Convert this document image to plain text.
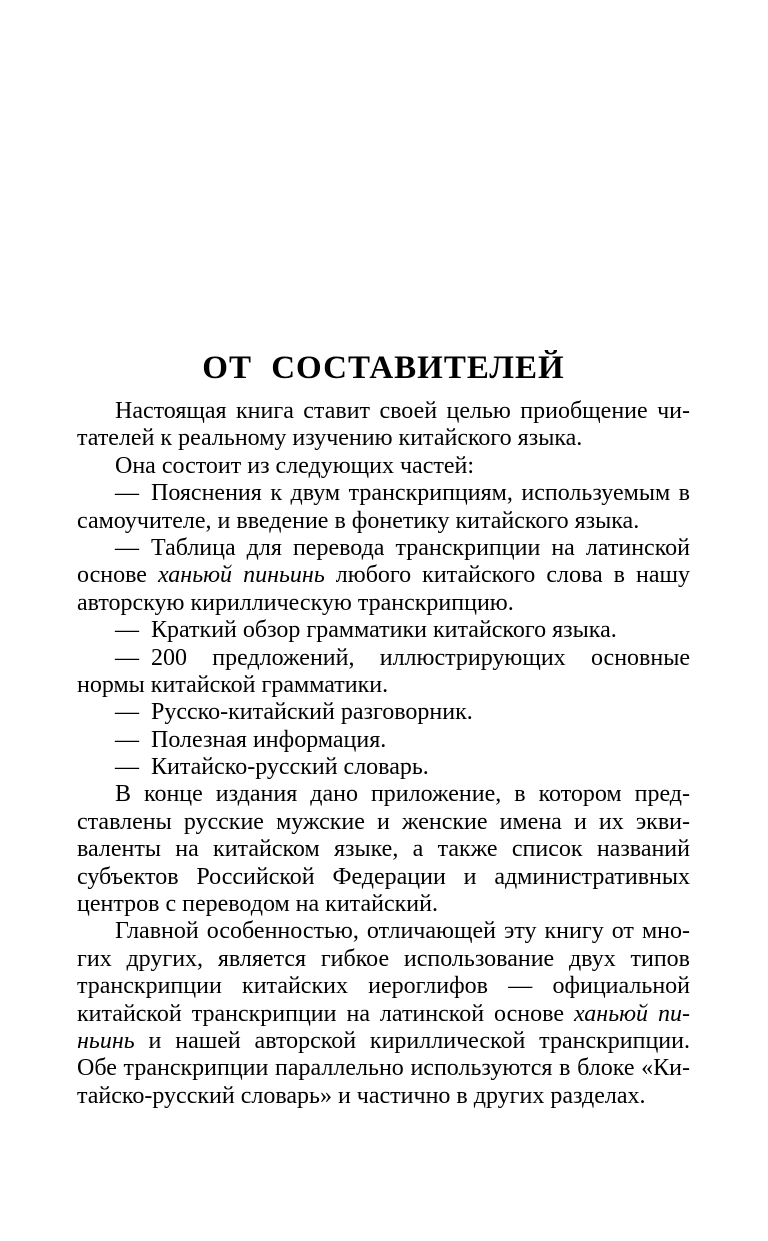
ОТ СОСТАВИТЕЛЕЙ
Настоящая книга ставит своей целью приобщение чи-
тателей к реальному изучению китайского языка.
Она состоит из следующих частей:
— Пояснения к двум транскрипциям, используемым в
самоучителе, и введение в фонетику китайского языка.
— Таблица для перевода транскрипции на латинской
основе ханьюй пиньинь любого китайского слова в нашу
авторскую кириллическую транскрипцию.
— Краткий обзор грамматики китайского языка.
— 200 предложений, иллюстрирующих основные
нормы китайской грамматики.
— Русско-китайский разговорник.
— Полезная информация.
— Китайско-русский словарь.
В конце издания дано приложение, в котором пред-
ставлены русские мужские и женские имена и их экви-
валенты на китайском языке, а также список названий
субъектов Российской Федерации и административных
центров с переводом на китайский.
Главной особенностью, отличающей эту книгу от мно-
гих других, является гибкое использование двух типов
транскрипции китайских иероглифов — официальной
китайской транскрипции на латинской основе ханьюй пи-
ньинь и нашей авторской кириллической транскрипции.
Обе транскрипции параллельно используются в блоке «Ки-
тайско-русский словарь» и частично в других разделах.
